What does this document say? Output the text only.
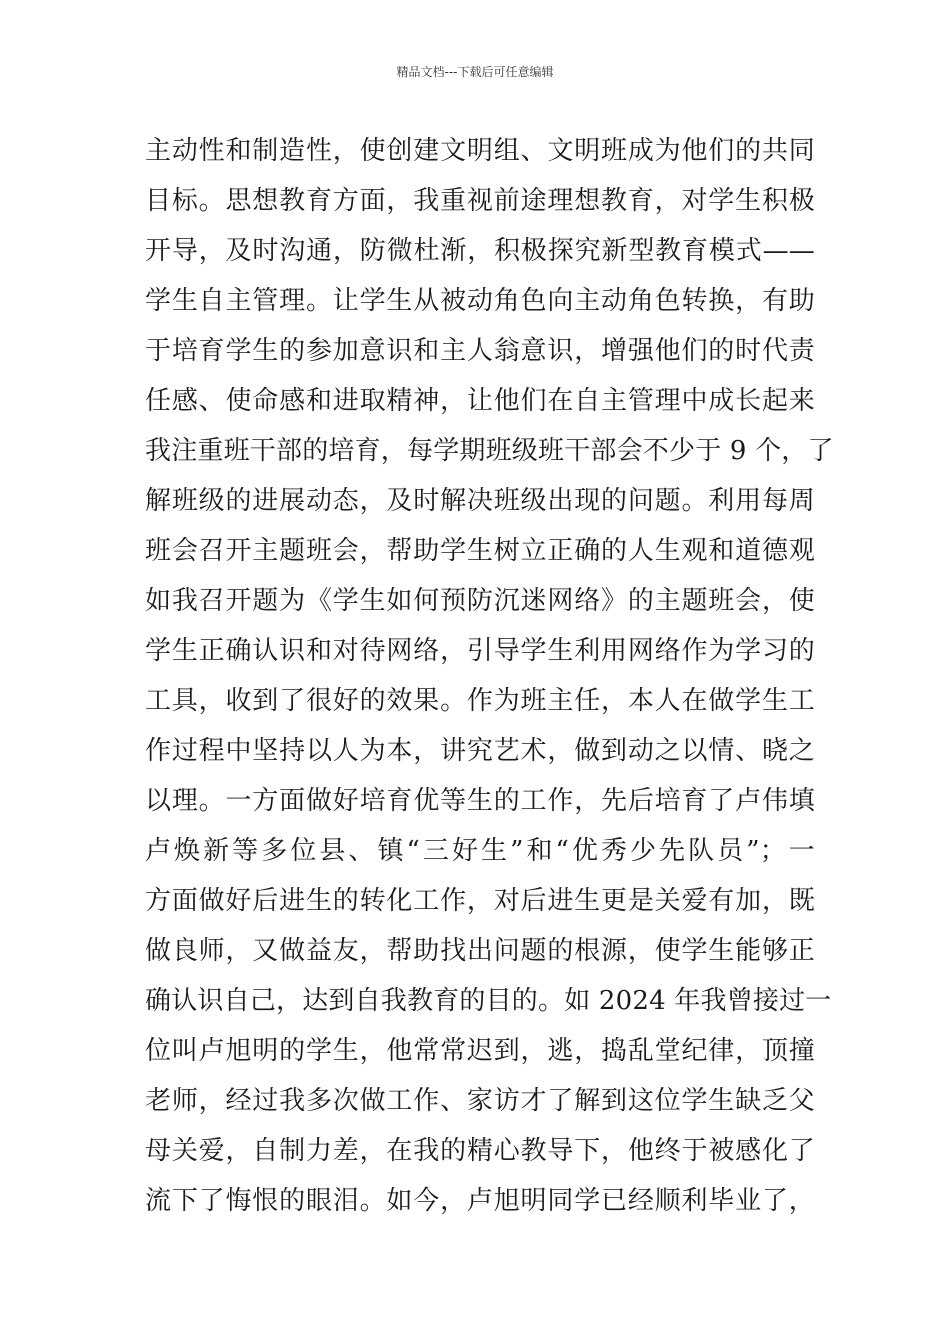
精品文档---下载后可任意编辑
主动性和制造性，使创建文明组、文明班成为他们的共同
目标。思想教育方面，我重视前途理想教育，对学生积极
开导，及时沟通，防微杜渐，积极探究新型教育模式——
学生自主管理。让学生从被动角色向主动角色转换，有助
于培育学生的参加意识和主人翁意识，增强他们的时代责
任感、使命感和进取精神，让他们在自主管理中成长起来
我注重班干部的培育，每学期班级班干部会不少于 9 个，了
解班级的进展动态，及时解决班级出现的问题。利用每周
班会召开主题班会，帮助学生树立正确的人生观和道德观
如我召开题为《学生如何预防沉迷网络》的主题班会，使
学生正确认识和对待网络，引导学生利用网络作为学习的
工具，收到了很好的效果。作为班主任，本人在做学生工
作过程中坚持以人为本，讲究艺术，做到动之以情、晓之
以理。一方面做好培育优等生的工作，先后培育了卢伟填
卢焕新等多位县、镇“三好生”和“优秀少先队员”；一
方面做好后进生的转化工作，对后进生更是关爱有加，既
做良师，又做益友，帮助找出问题的根源，使学生能够正
确认识自己，达到自我教育的目的。如 2024 年我曾接过一
位叫卢旭明的学生，他常常迟到，逃，捣乱堂纪律，顶撞
老师，经过我多次做工作、家访才了解到这位学生缺乏父
母关爱，自制力差，在我的精心教导下，他终于被感化了
流下了悔恨的眼泪。如今，卢旭明同学已经顺利毕业了，
